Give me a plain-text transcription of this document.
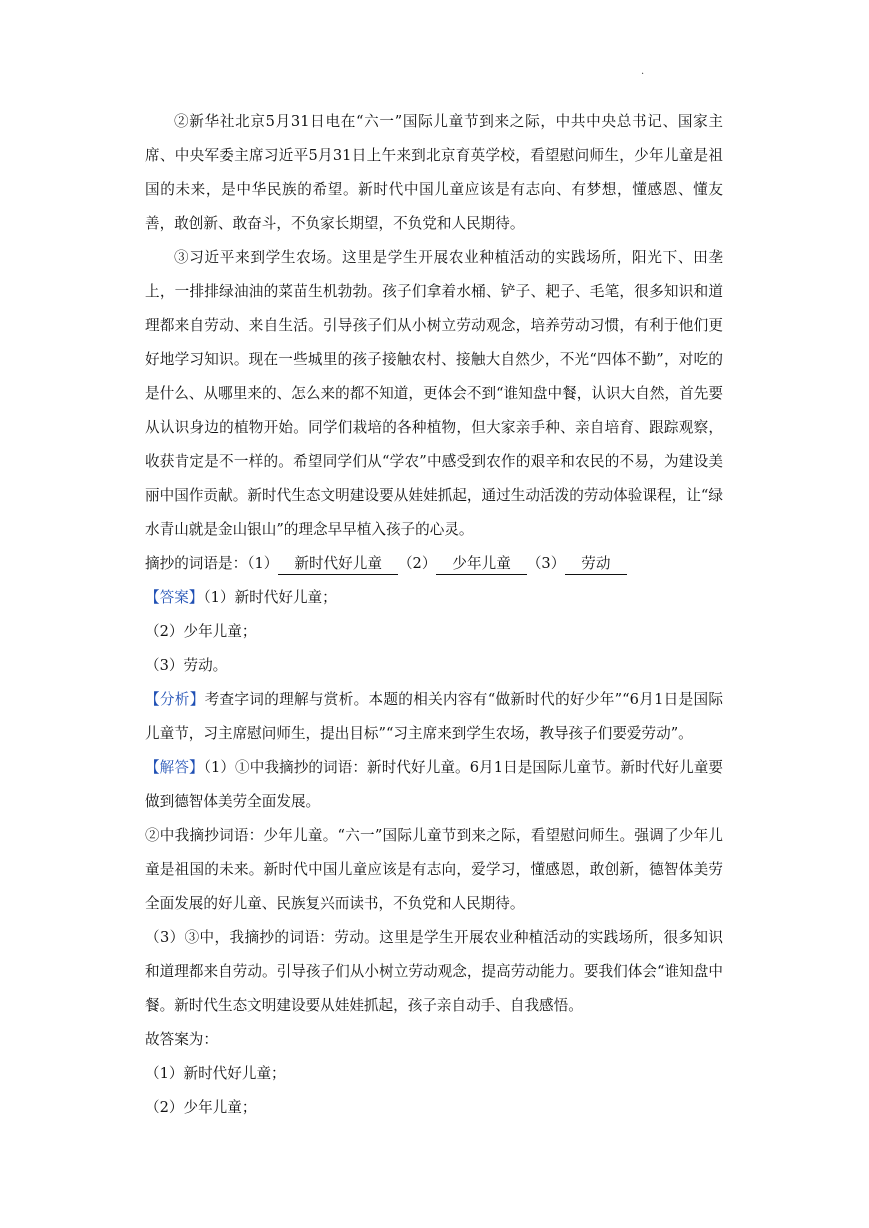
.

②新华社北京5月31日电在“六一”国际儿童节到来之际，中共中央总书记、国家主席、中央军委主席习近平5月31日上午来到北京育英学校，看望慰问师生，少年儿童是祖国的未来，是中华民族的希望。新时代中国儿童应该是有志向、有梦想，懂感恩、懂友善，敢创新、敢奋斗，不负家长期望，不负党和人民期待。

③习近平来到学生农场。这里是学生开展农业种植活动的实践场所，阳光下、田垄上，一排排绿油油的菜苗生机勃勃。孩子们拿着水桶、铲子、耙子、毛笔，很多知识和道理都来自劳动、来自生活。引导孩子们从小树立劳动观念，培养劳动习惯，有利于他们更好地学习知识。现在一些城里的孩子接触农村、接触大自然少，不光“四体不勤”，对吃的是什么、从哪里来的、怎么来的都不知道，更体会不到“谁知盘中餐，认识大自然，首先要从认识身边的植物开始。同学们栽培的各种植物，但大家亲手种、亲自培育、跟踪观察，收获肯定是不一样的。希望同学们从“学农”中感受到农作的艰辛和农民的不易，为建设美丽中国作贡献。新时代生态文明建设要从娃娃抓起，通过生动活泼的劳动体验课程，让“绿水青山就是金山银山”的理念早早植入孩子的心灵。

摘抄的词语是：（1） 新时代好儿童 （2） 少年儿童 （3） 劳动

【答案】（1）新时代好儿童；

（2）少年儿童；

（3）劳动。

【分析】考查字词的理解与赏析。本题的相关内容有“做新时代的好少年”“6月1日是国际儿童节，习主席慰问师生，提出目标”“习主席来到学生农场，教导孩子们要爱劳动”。

【解答】（1）①中我摘抄的词语：新时代好儿童。6月1日是国际儿童节。新时代好儿童要做到德智体美劳全面发展。

②中我摘抄词语：少年儿童。“六一”国际儿童节到来之际，看望慰问师生。强调了少年儿童是祖国的未来。新时代中国儿童应该是有志向，爱学习，懂感恩，敢创新，德智体美劳全面发展的好儿童、民族复兴而读书，不负党和人民期待。

（3）③中，我摘抄的词语：劳动。这里是学生开展农业种植活动的实践场所，很多知识和道理都来自劳动。引导孩子们从小树立劳动观念，提高劳动能力。要我们体会“谁知盘中餐。新时代生态文明建设要从娃娃抓起，孩子亲自动手、自我感悟。

故答案为：

（1）新时代好儿童；

（2）少年儿童；
